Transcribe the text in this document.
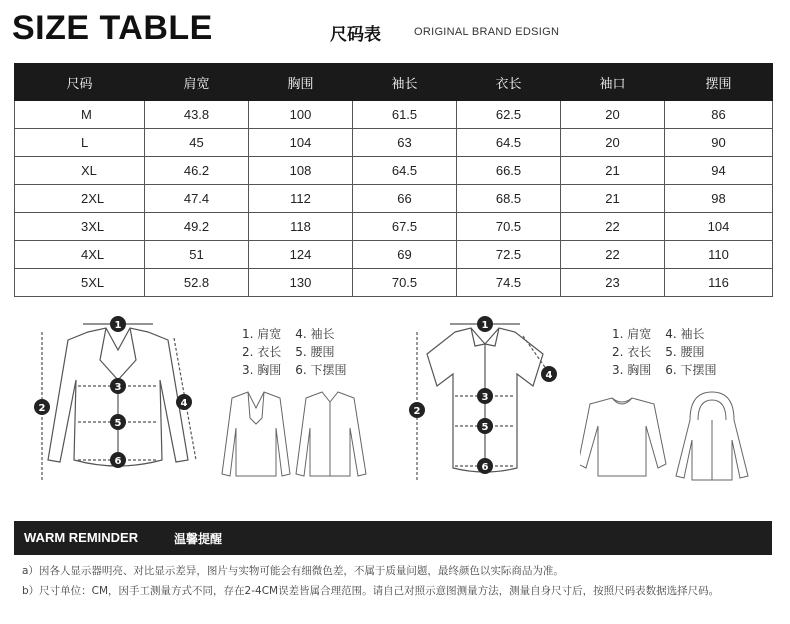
SIZE TABLE	尺码表	ORIGINAL BRAND EDSIGN
尺码	肩宽	胸围	袖长	衣长	袖口	摆围
M	43.8	100	61.5	62.5	20	86
L	45	104	63	64.5	20	90
XL	46.2	108	64.5	66.5	21	94
2XL	47.4	112	66	68.5	21	98
3XL	49.2	118	67.5	70.5	22	104
4XL	51	124	69	72.5	22	110
5XL	52.8	130	70.5	74.5	23	116
1
2
3
4
5
6
1. 肩宽 4. 袖长
2. 衣长 5. 腰围
3. 胸围 6. 下摆围
1
2
3
4
5
6
1. 肩宽 4. 袖长
2. 衣长 5. 腰围
3. 胸围 6. 下摆围
WARM REMINDER	温馨提醒
a）因各人显示器明亮、对比显示差异，图片与实物可能会有细微色差，不属于质量问题，最终颜色以实际商品为准。
b）尺寸单位：CM，因手工测量方式不同，存在2-4CM误差皆属合理范围。请自己对照示意图测量方法，测量自身尺寸后，按照尺码表数据选择尺码。
